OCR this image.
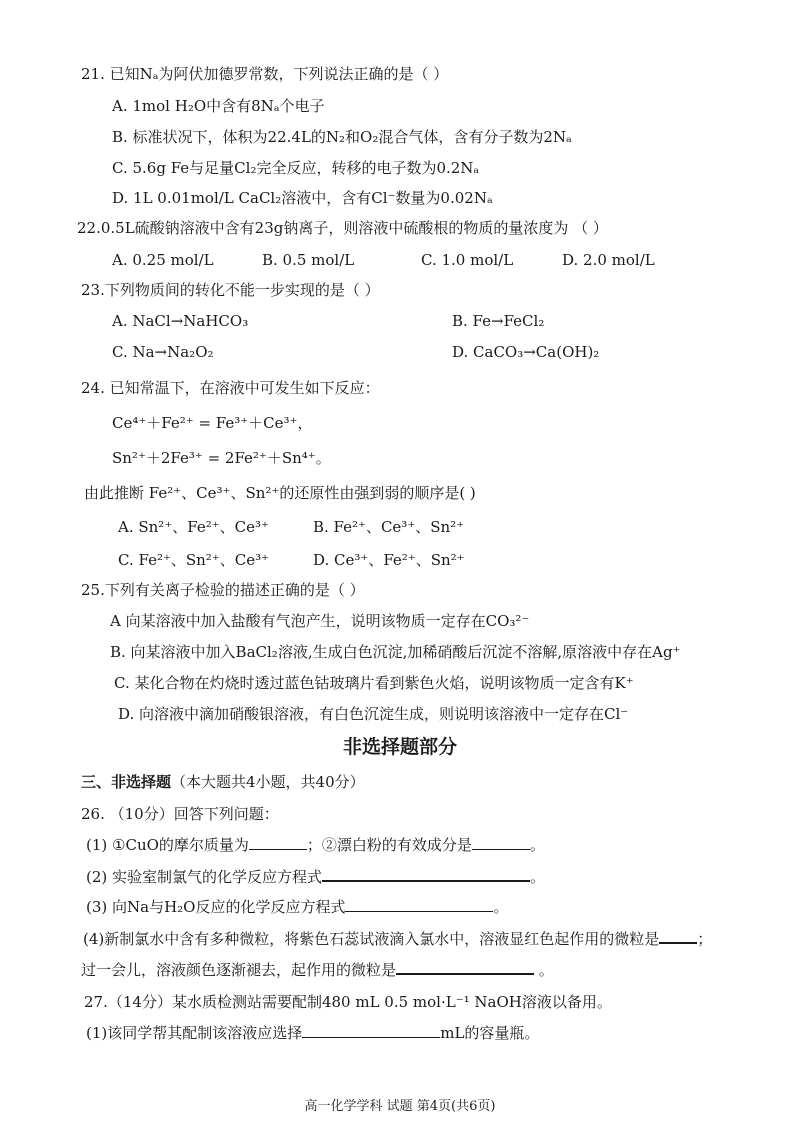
21. 已知Nₐ为阿伏加德罗常数，下列说法正确的是（ ）
A. 1mol H₂O中含有8Nₐ个电子
B. 标准状况下，体积为22.4L的N₂和O₂混合气体，含有分子数为2Nₐ
C. 5.6g Fe与足量Cl₂完全反应，转移的电子数为0.2Nₐ
D. 1L 0.01mol/L CaCl₂溶液中，含有Cl⁻数量为0.02Nₐ
22.0.5L硫酸钠溶液中含有23g钠离子，则溶液中硫酸根的物质的量浓度为 （ ）
A. 0.25 mol/L	B. 0.5 mol/L	C. 1.0 mol/L	D. 2.0 mol/L
23.下列物质间的转化不能一步实现的是（ ）
A. NaCl→NaHCO₃	B. Fe→FeCl₂
C. Na→Na₂O₂	D. CaCO₃→Ca(OH)₂
24. 已知常温下，在溶液中可发生如下反应：
Ce⁴⁺＋Fe²⁺ = Fe³⁺＋Ce³⁺，
Sn²⁺＋2Fe³⁺ = 2Fe²⁺＋Sn⁴⁺。
由此推断 Fe²⁺、Ce³⁺、Sn²⁺的还原性由强到弱的顺序是( )
A. Sn²⁺、Fe²⁺、Ce³⁺	B. Fe²⁺、Ce³⁺、Sn²⁺
C. Fe²⁺、Sn²⁺、Ce³⁺	D. Ce³⁺、Fe²⁺、Sn²⁺
25.下列有关离子检验的描述正确的是（ ）
A 向某溶液中加入盐酸有气泡产生，说明该物质一定存在CO₃²⁻
B. 向某溶液中加入BaCl₂溶液,生成白色沉淀,加稀硝酸后沉淀不溶解,原溶液中存在Ag⁺
C. 某化合物在灼烧时透过蓝色钴玻璃片看到紫色火焰，说明该物质一定含有K⁺
D. 向溶液中滴加硝酸银溶液，有白色沉淀生成，则说明该溶液中一定存在Cl⁻
非选择题部分
三、非选择题（本大题共4小题，共40分）
26. （10分）回答下列问题：
(1) ①CuO的摩尔质量为	；②漂白粉的有效成分是	。
(2) 实验室制氯气的化学反应方程式	。
(3) 向Na与H₂O反应的化学反应方程式	。
(4)新制氯水中含有多种微粒，将紫色石蕊试液滴入氯水中，溶液显红色起作用的微粒是	；
过一会儿，溶液颜色逐渐褪去，起作用的微粒是	。
27.（14分）某水质检测站需要配制480 mL 0.5 mol·L⁻¹ NaOH溶液以备用。
(1)该同学帮其配制该溶液应选择	mL的容量瓶。
高一化学学科 试题 第4页(共6页)
